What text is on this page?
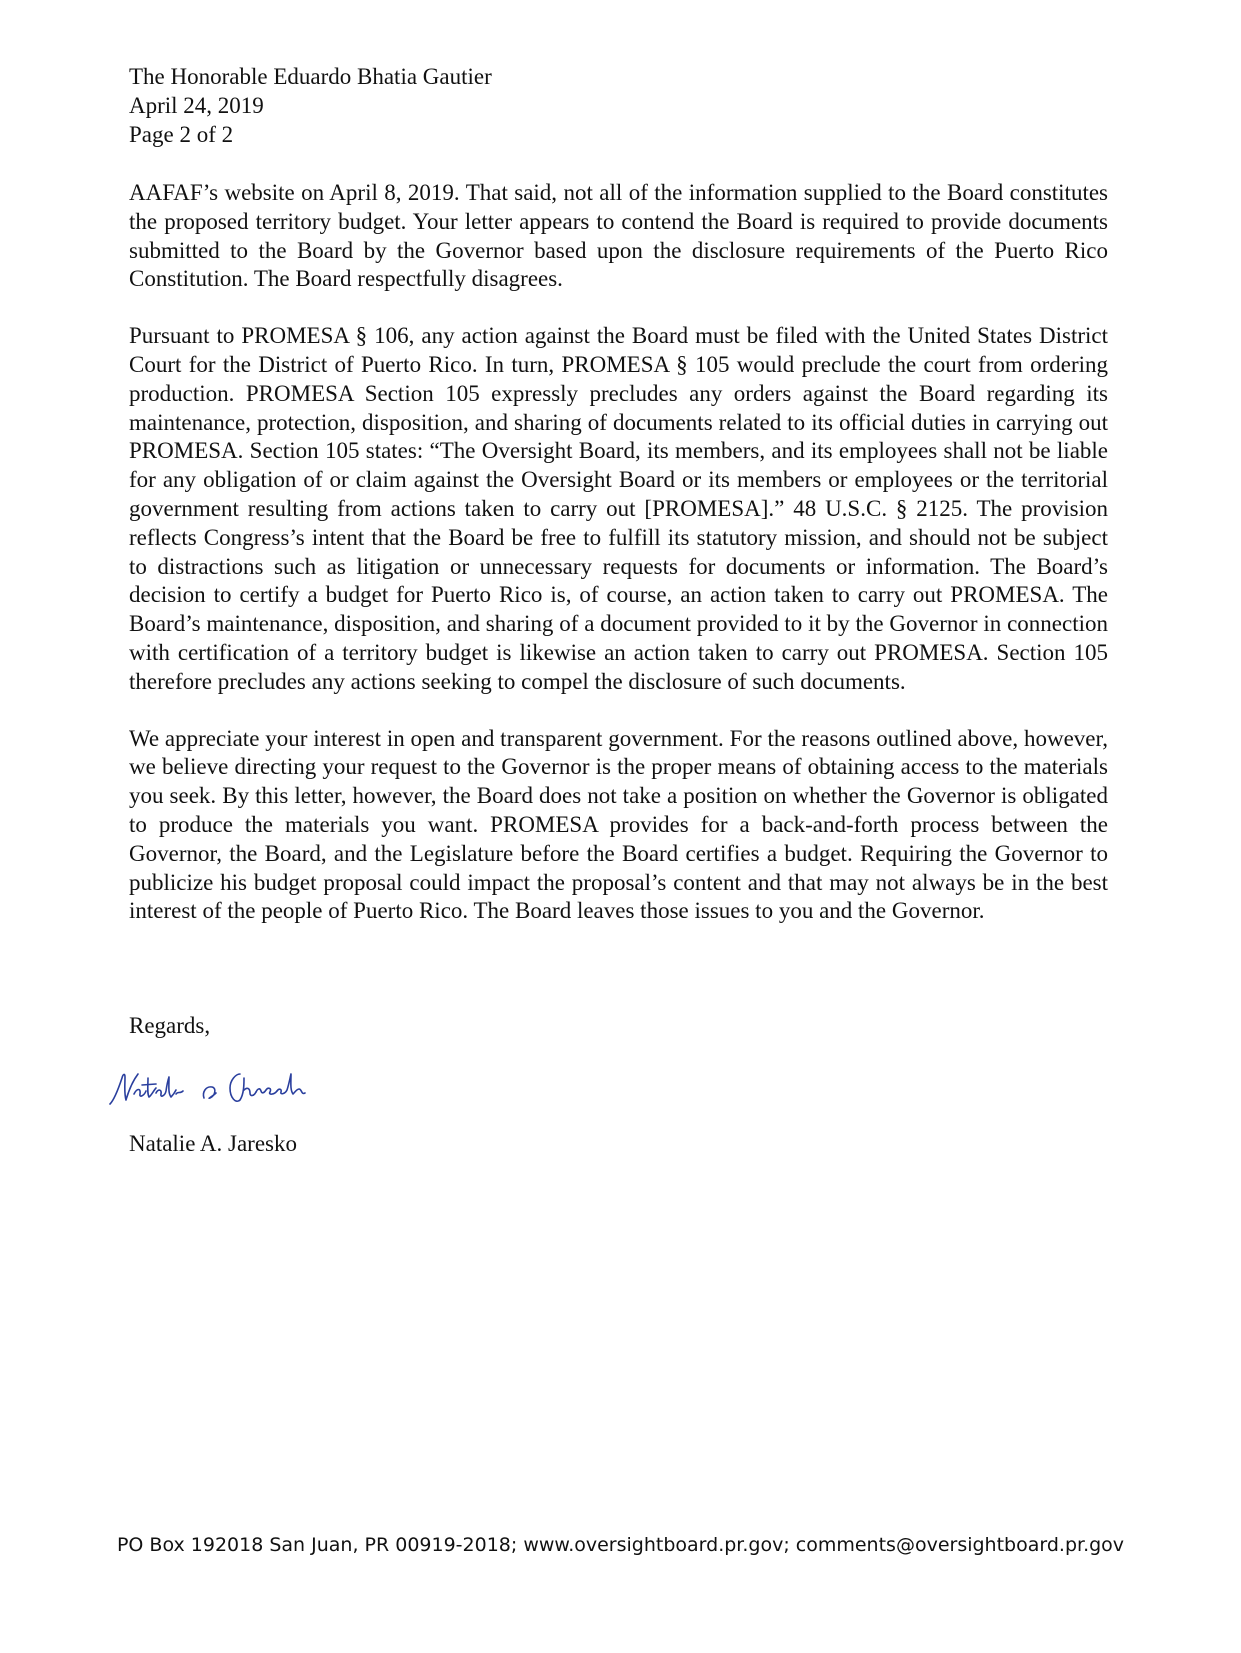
The Honorable Eduardo Bhatia Gautier
April 24, 2019
Page 2 of 2

AAFAF’s website on April 8, 2019. That said, not all of the information supplied to the Board constitutes the proposed territory budget. Your letter appears to contend the Board is required to provide documents submitted to the Board by the Governor based upon the disclosure requirements of the Puerto Rico Constitution. The Board respectfully disagrees.

Pursuant to PROMESA § 106, any action against the Board must be filed with the United States District Court for the District of Puerto Rico. In turn, PROMESA § 105 would preclude the court from ordering production. PROMESA Section 105 expressly precludes any orders against the Board regarding its maintenance, protection, disposition, and sharing of documents related to its official duties in carrying out PROMESA. Section 105 states: “The Oversight Board, its members, and its employees shall not be liable for any obligation of or claim against the Oversight Board or its members or employees or the territorial government resulting from actions taken to carry out [PROMESA].” 48 U.S.C. § 2125. The provision reflects Congress’s intent that the Board be free to fulfill its statutory mission, and should not be subject to distractions such as litigation or unnecessary requests for documents or information. The Board’s decision to certify a budget for Puerto Rico is, of course, an action taken to carry out PROMESA. The Board’s maintenance, disposition, and sharing of a document provided to it by the Governor in connection with certification of a territory budget is likewise an action taken to carry out PROMESA. Section 105 therefore precludes any actions seeking to compel the disclosure of such documents.

We appreciate your interest in open and transparent government. For the reasons outlined above, however, we believe directing your request to the Governor is the proper means of obtaining access to the materials you seek. By this letter, however, the Board does not take a position on whether the Governor is obligated to produce the materials you want. PROMESA provides for a back-and-forth process between the Governor, the Board, and the Legislature before the Board certifies a budget. Requiring the Governor to publicize his budget proposal could impact the proposal’s content and that may not always be in the best interest of the people of Puerto Rico. The Board leaves those issues to you and the Governor.

Regards,
Natalie A. Jaresko
PO Box 192018 San Juan, PR 00919-2018; www.oversightboard.pr.gov; comments@oversightboard.pr.gov
